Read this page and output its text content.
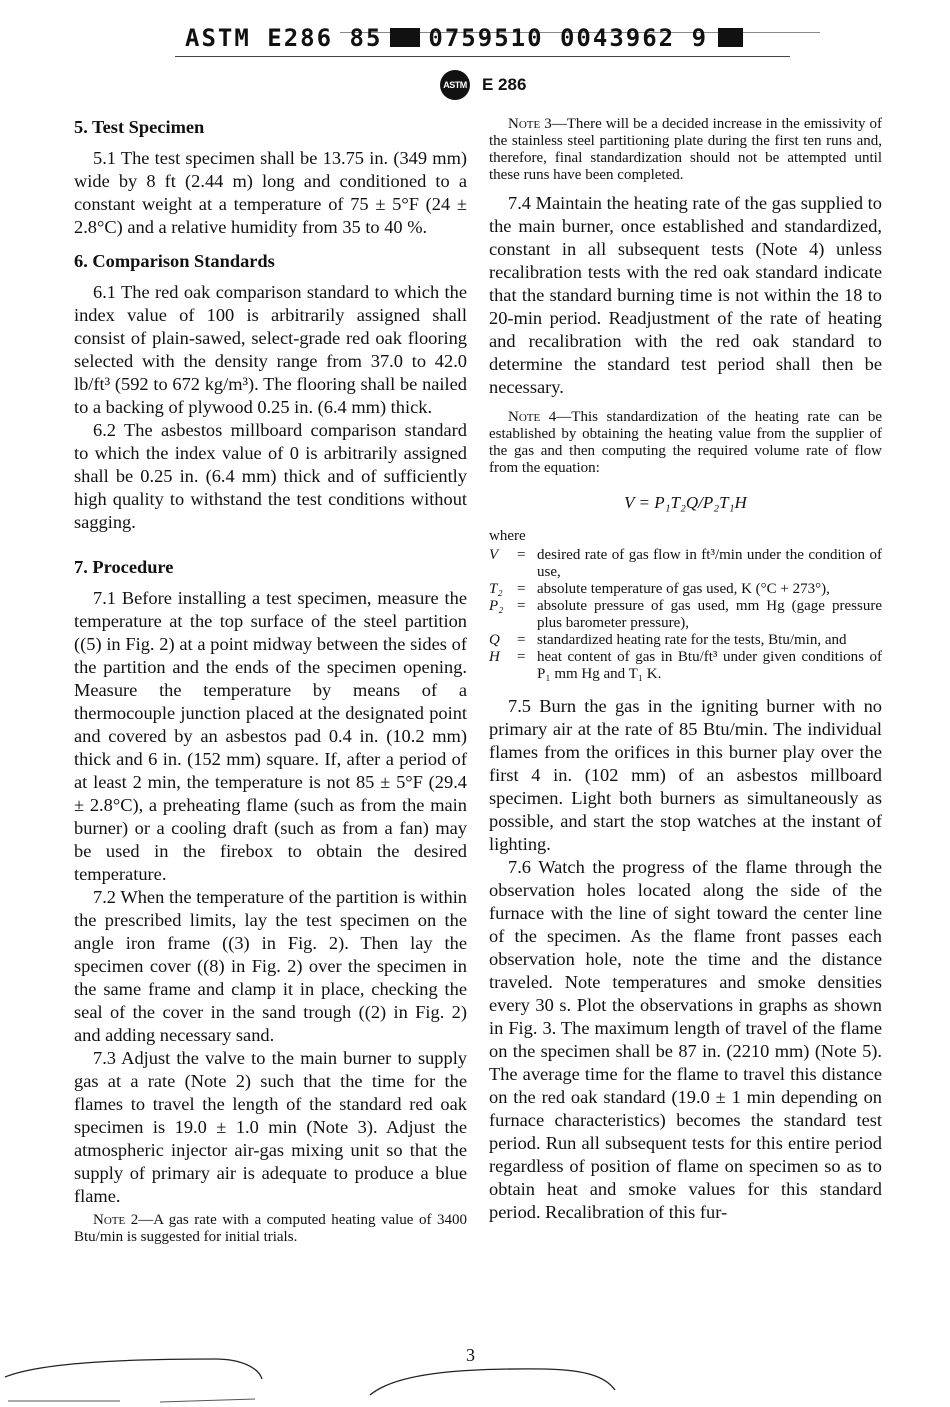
ASTM E286 85 0759510 0043962 9
ASTM E 286
5. Test Specimen

5.1 The test specimen shall be 13.75 in. (349 mm) wide by 8 ft (2.44 m) long and conditioned to a constant weight at a temperature of 75 ± 5°F (24 ± 2.8°C) and a relative humidity from 35 to 40 %.

6. Comparison Standards

6.1 The red oak comparison standard to which the index value of 100 is arbitrarily assigned shall consist of plain-sawed, select-grade red oak flooring selected with the density range from 37.0 to 42.0 lb/ft³ (592 to 672 kg/m³). The flooring shall be nailed to a backing of plywood 0.25 in. (6.4 mm) thick.

6.2 The asbestos millboard comparison standard to which the index value of 0 is arbitrarily assigned shall be 0.25 in. (6.4 mm) thick and of sufficiently high quality to withstand the test conditions without sagging.

7. Procedure

7.1 Before installing a test specimen, measure the temperature at the top surface of the steel partition ((5) in Fig. 2) at a point midway between the sides of the partition and the ends of the specimen opening. Measure the temperature by means of a thermocouple junction placed at the designated point and covered by an asbestos pad 0.4 in. (10.2 mm) thick and 6 in. (152 mm) square. If, after a period of at least 2 min, the temperature is not 85 ± 5°F (29.4 ± 2.8°C), a preheating flame (such as from the main burner) or a cooling draft (such as from a fan) may be used in the firebox to obtain the desired temperature.

7.2 When the temperature of the partition is within the prescribed limits, lay the test specimen on the angle iron frame ((3) in Fig. 2). Then lay the specimen cover ((8) in Fig. 2) over the specimen in the same frame and clamp it in place, checking the seal of the cover in the sand trough ((2) in Fig. 2) and adding necessary sand.

7.3 Adjust the valve to the main burner to supply gas at a rate (Note 2) such that the time for the flames to travel the length of the standard red oak specimen is 19.0 ± 1.0 min (Note 3). Adjust the atmospheric injector air-gas mixing unit so that the supply of primary air is adequate to produce a blue flame.

Note 2—A gas rate with a computed heating value of 3400 Btu/min is suggested for initial trials.
Note 3—There will be a decided increase in the emissivity of the stainless steel partitioning plate during the first ten runs and, therefore, final standardization should not be attempted until these runs have been completed.

7.4 Maintain the heating rate of the gas supplied to the main burner, once established and standardized, constant in all subsequent tests (Note 4) unless recalibration tests with the red oak standard indicate that the standard burning time is not within the 18 to 20-min period. Readjustment of the rate of heating and recalibration with the red oak standard to determine the standard test period shall then be necessary.

Note 4—This standardization of the heating rate can be established by obtaining the heating value from the supplier of the gas and then computing the required volume rate of flow from the equation:
V = P₁T₂Q/P₂T₁H
where
V	= desired rate of gas flow in ft³/min under the condition of use,
T₂ = absolute temperature of gas used, K (°C + 273°),
P₂ = absolute pressure of gas used, mm Hg (gage pressure plus barometer pressure),
Q	= standardized heating rate for the tests, Btu/min, and
H	= heat content of gas in Btu/ft³ under given conditions of P₁ mm Hg and T₁ K.

7.5 Burn the gas in the igniting burner with no primary air at the rate of 85 Btu/min. The individual flames from the orifices in this burner play over the first 4 in. (102 mm) of an asbestos millboard specimen. Light both burners as simultaneously as possible, and start the stop watches at the instant of lighting.

7.6 Watch the progress of the flame through the observation holes located along the side of the furnace with the line of sight toward the center line of the specimen. As the flame front passes each observation hole, note the time and the distance traveled. Note temperatures and smoke densities every 30 s. Plot the observations in graphs as shown in Fig. 3. The maximum length of travel of the flame on the specimen shall be 87 in. (2210 mm) (Note 5). The average time for the flame to travel this distance on the red oak standard (19.0 ± 1 min depending on furnace characteristics) becomes the standard test period. Run all subsequent tests for this entire period regardless of position of flame on specimen so as to obtain heat and smoke values for this standard period. Recalibration of this fur-

3
